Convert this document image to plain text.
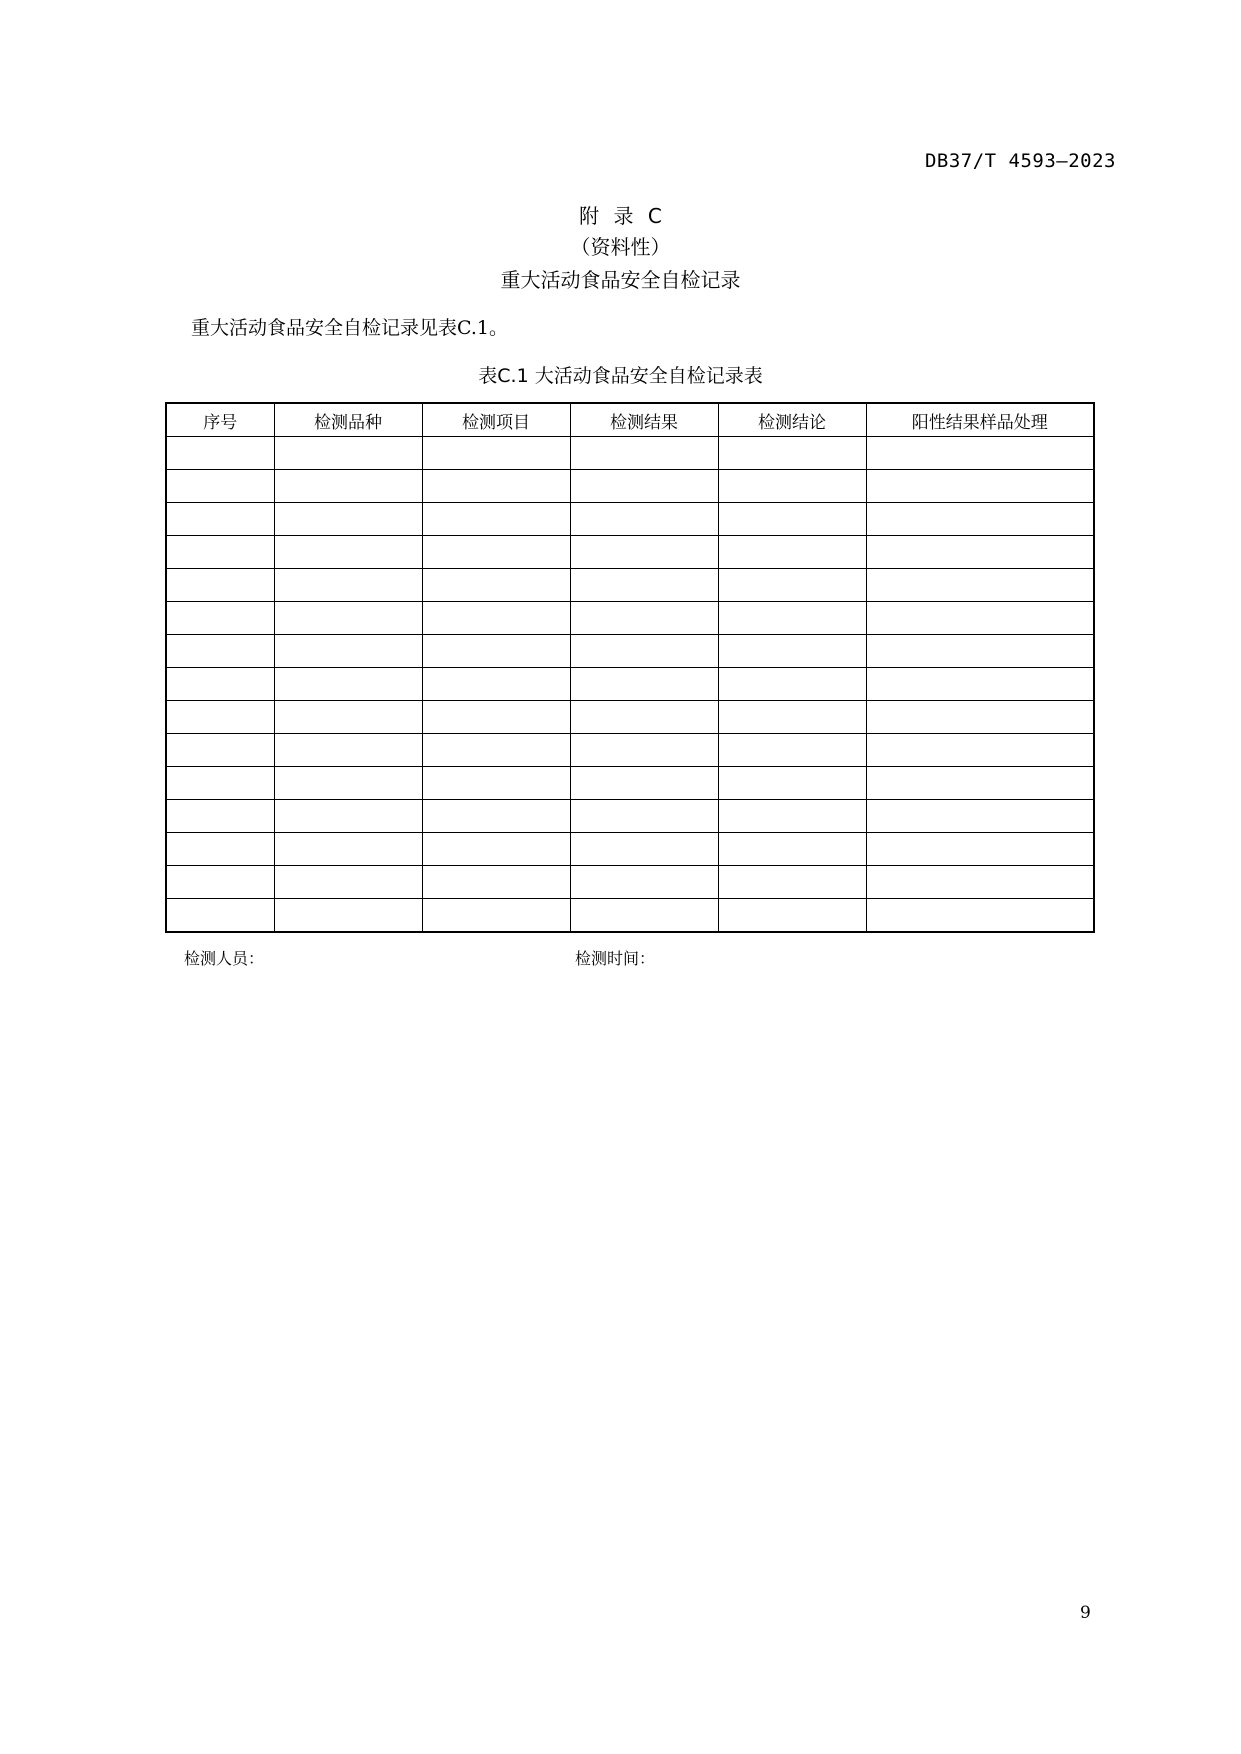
DB37/T 4593—2023
附 录 C
（资料性）
重大活动食品安全自检记录
重大活动食品安全自检记录见表C.1。
表C.1 大活动食品安全自检记录表
序号	检测品种	检测项目	检测结果	检测结论	阳性结果样品处理

检测人员：	检测时间：
9
